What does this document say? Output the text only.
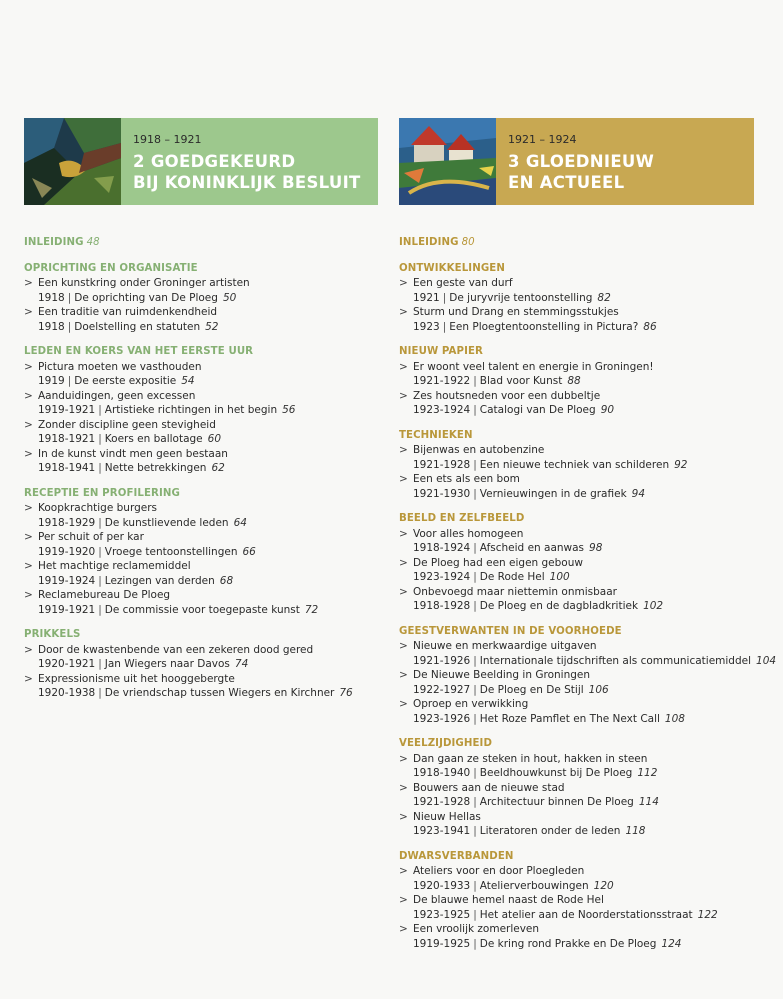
1918 – 1921
2 GOEDGEKEURD
BIJ KONINKLIJK BESLUIT
1921 – 1924
3 GLOEDNIEUW
EN ACTUEEL
INLEIDING 48
OPRICHTING EN ORGANISATIE
> Een kunstkring onder Groninger artisten
1918 | De oprichting van De Ploeg 50
> Een traditie van ruimdenkendheid
1918 | Doelstelling en statuten 52
LEDEN EN KOERS VAN HET EERSTE UUR
> Pictura moeten we vasthouden
1919 | De eerste expositie 54
> Aanduidingen, geen excessen
1919-1921 | Artistieke richtingen in het begin 56
> Zonder discipline geen stevigheid
1918-1921 | Koers en ballotage 60
> In de kunst vindt men geen bestaan
1918-1941 | Nette betrekkingen 62
RECEPTIE EN PROFILERING
> Koopkrachtige burgers
1918-1929 | De kunstlievende leden 64
> Per schuit of per kar
1919-1920 | Vroege tentoonstellingen 66
> Het machtige reclamemiddel
1919-1924 | Lezingen van derden 68
> Reclamebureau De Ploeg
1919-1921 | De commissie voor toegepaste kunst 72
PRIKKELS
> Door de kwastenbende van een zekeren dood gered
1920-1921 | Jan Wiegers naar Davos 74
> Expressionisme uit het hooggebergte
1920-1938 | De vriendschap tussen Wiegers en Kirchner 76
INLEIDING 80
ONTWIKKELINGEN
> Een geste van durf
1921 | De juryvrije tentoonstelling 82
> Sturm und Drang en stemmingsstukjes
1923 | Een Ploegtentoonstelling in Pictura? 86
NIEUW PAPIER
> Er woont veel talent en energie in Groningen!
1921-1922 | Blad voor Kunst 88
> Zes houtsneden voor een dubbeltje
1923-1924 | Catalogi van De Ploeg 90
TECHNIEKEN
> Bijenwas en autobenzine
1921-1928 | Een nieuwe techniek van schilderen 92
> Een ets als een bom
1921-1930 | Vernieuwingen in de grafiek 94
BEELD EN ZELFBEELD
> Voor alles homogeen
1918-1924 | Afscheid en aanwas 98
> De Ploeg had een eigen gebouw
1923-1924 | De Rode Hel 100
> Onbevoegd maar niettemin onmisbaar
1918-1928 | De Ploeg en de dagbladkritiek 102
GEESTVERWANTEN IN DE VOORHOEDE
> Nieuwe en merkwaardige uitgaven
1921-1926 | Internationale tijdschriften als communicatiemiddel 104
> De Nieuwe Beelding in Groningen
1922-1927 | De Ploeg en De Stijl 106
> Oproep en verwikking
1923-1926 | Het Roze Pamflet en The Next Call 108
VEELZIJDIGHEID
> Dan gaan ze steken in hout, hakken in steen
1918-1940 | Beeldhouwkunst bij De Ploeg 112
> Bouwers aan de nieuwe stad
1921-1928 | Architectuur binnen De Ploeg 114
> Nieuw Hellas
1923-1941 | Literatoren onder de leden 118
DWARSVERBANDEN
> Ateliers voor en door Ploegleden
1920-1933 | Atelierverbouwingen 120
> De blauwe hemel naast de Rode Hel
1923-1925 | Het atelier aan de Noorderstationsstraat 122
> Een vroolijk zomerleven
1919-1925 | De kring rond Prakke en De Ploeg 124
